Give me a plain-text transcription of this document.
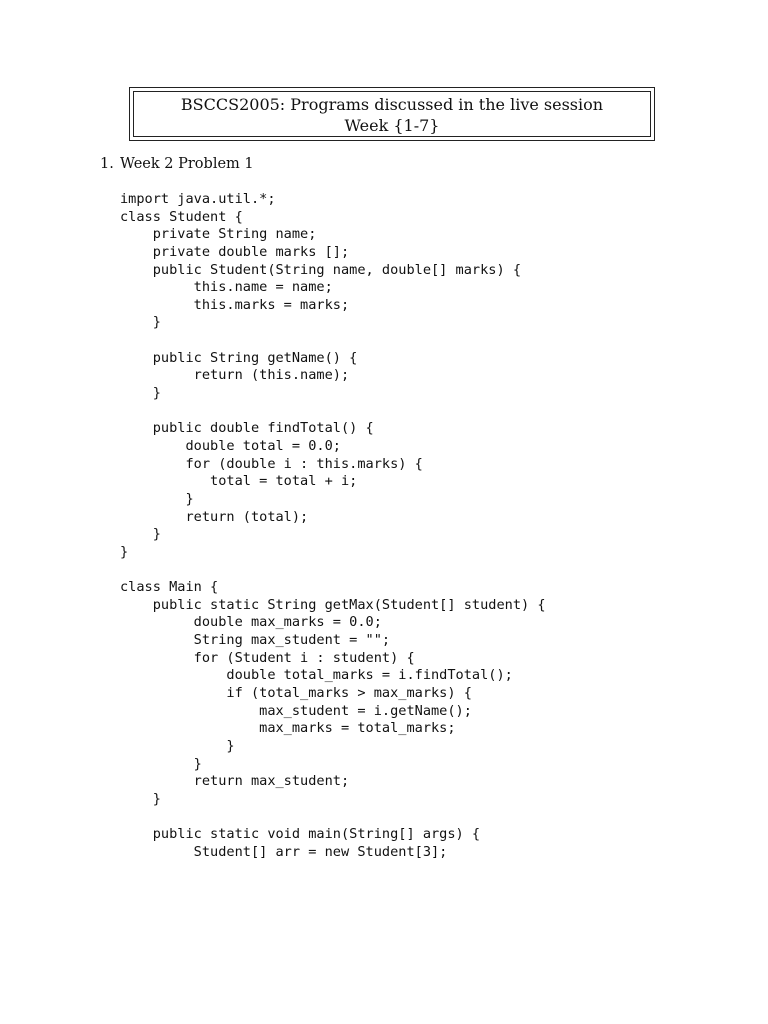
BSCCS2005: Programs discussed in the live session
Week {1-7}
1. Week 2 Problem 1
import java.util.*;
class Student {
private String name;
private double marks [];
public Student(String name, double[] marks) {
this.name = name;
this.marks = marks;
}
public String getName() {
return (this.name);
}
public double findTotal() {
double total = 0.0;
for (double i : this.marks) {
total = total + i;
}
return (total);
}
}
class Main {
public static String getMax(Student[] student) {
double max_marks = 0.0;
String max_student = "";
for (Student i : student) {
double total_marks = i.findTotal();
if (total_marks > max_marks) {
max_student = i.getName();
max_marks = total_marks;
}
}
return max_student;
}
public static void main(String[] args) {
Student[] arr = new Student[3];
